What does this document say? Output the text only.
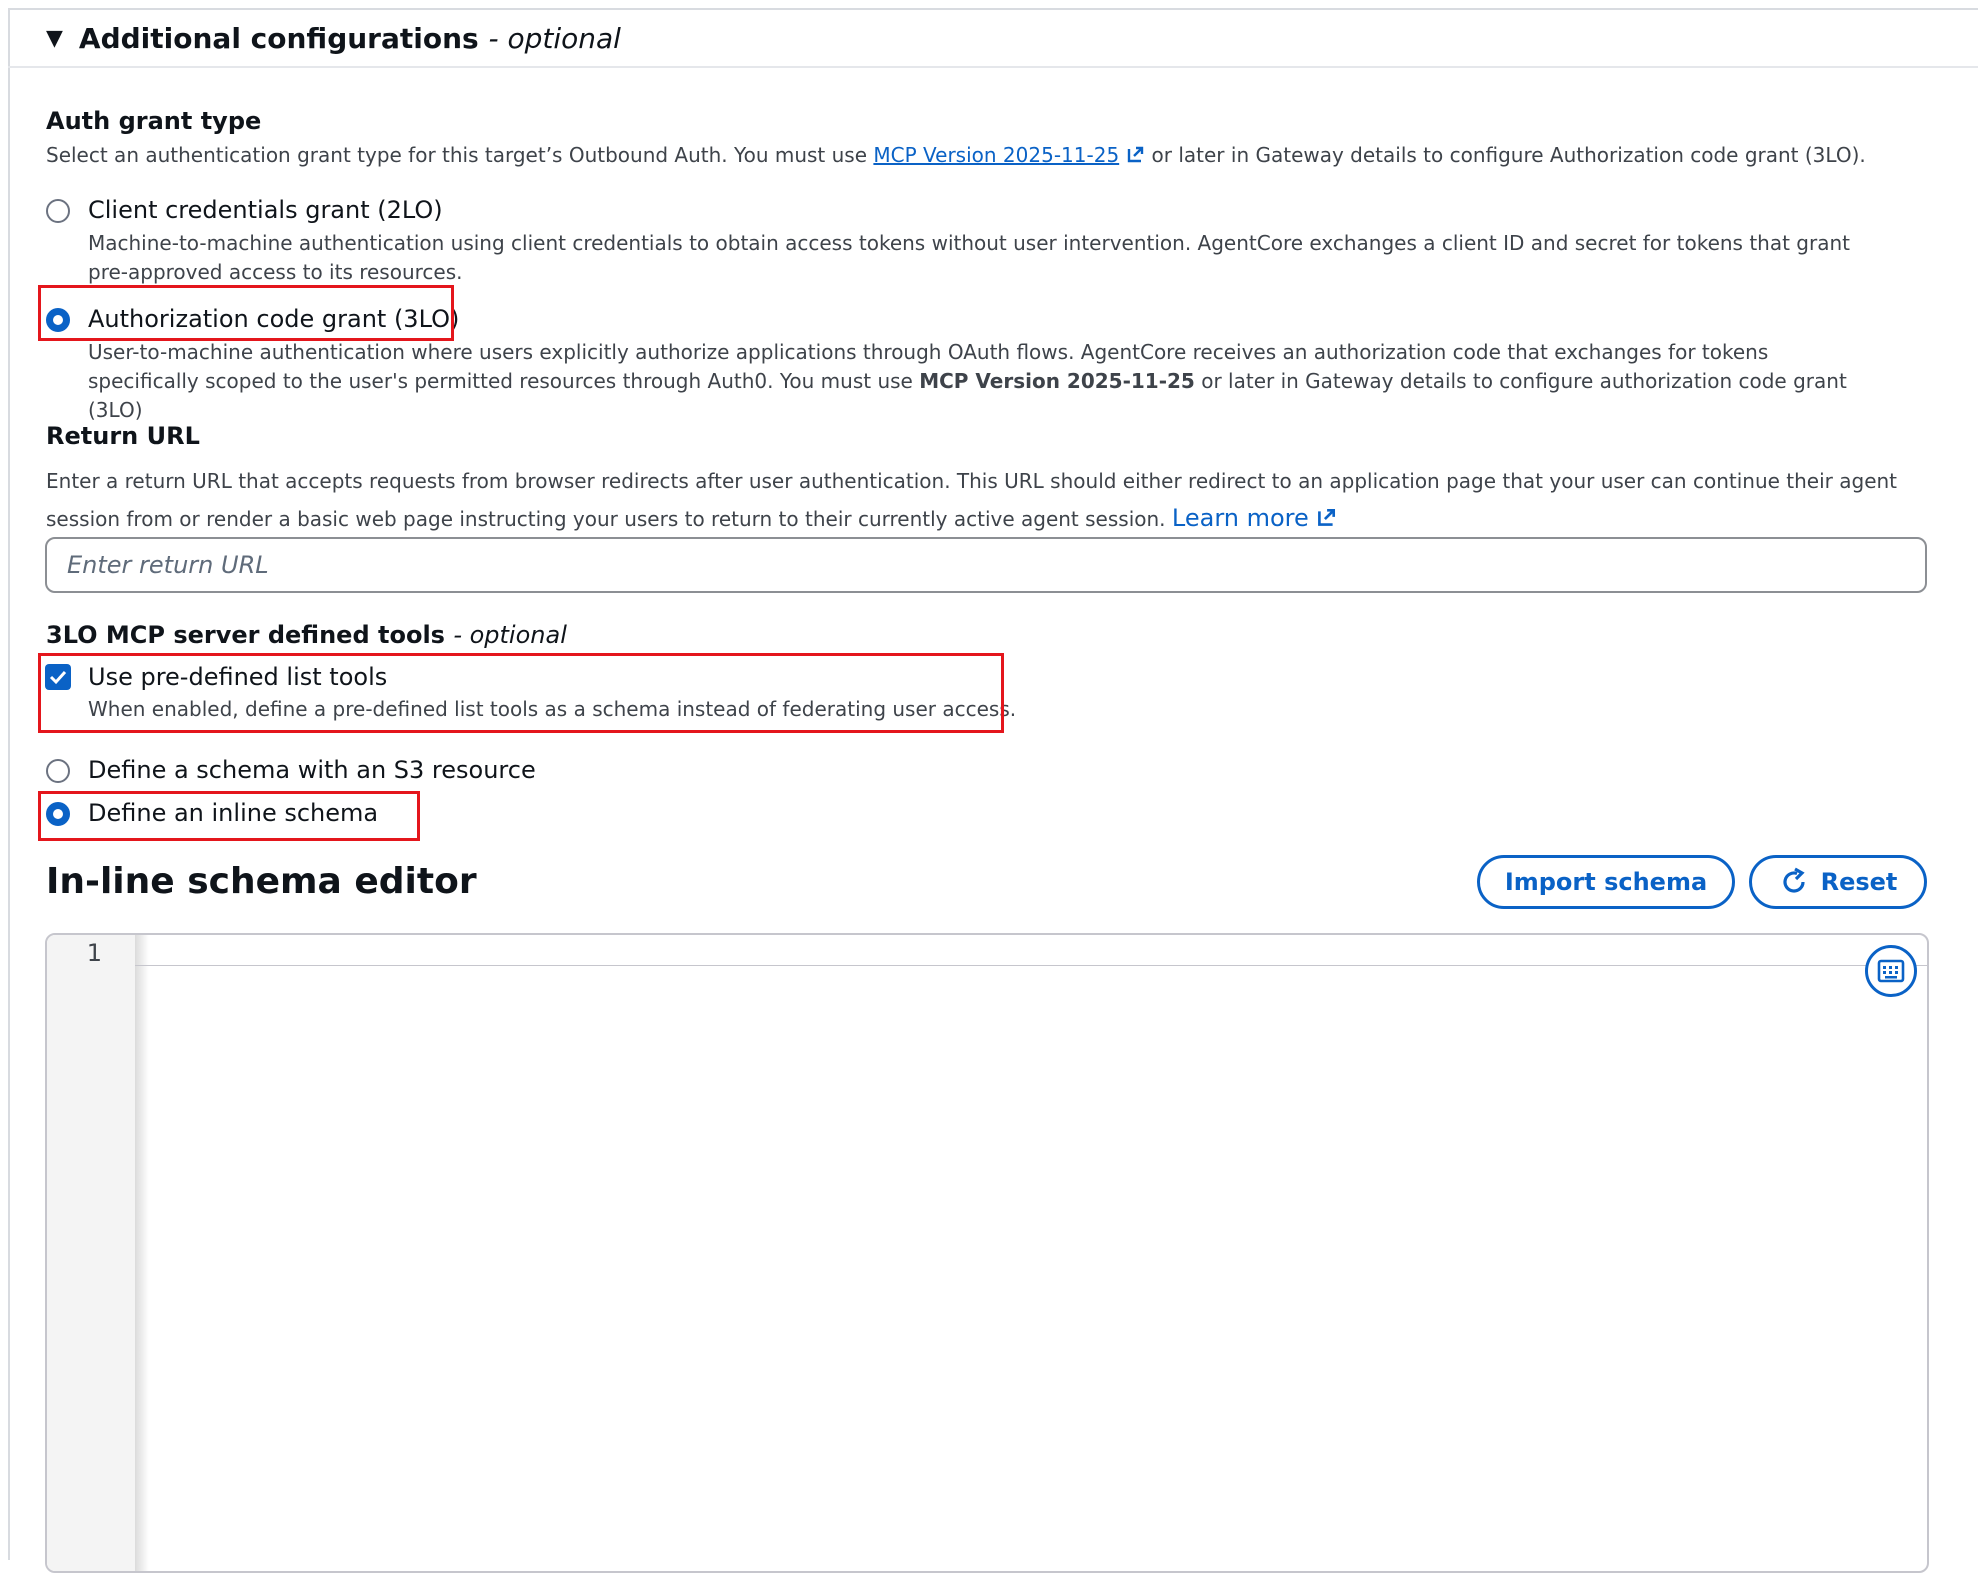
▼ Additional configurations - optional
Auth grant type
Select an authentication grant type for this target’s Outbound Auth. You must use MCP Version 2025-11-25 or later in Gateway details to configure Authorization code grant (3LO).
Client credentials grant (2LO)
Machine-to-machine authentication using client credentials to obtain access tokens without user intervention. AgentCore exchanges a client ID and secret for tokens that grant pre-approved access to its resources.
Authorization code grant (3LO)
User-to-machine authentication where users explicitly authorize applications through OAuth flows. AgentCore receives an authorization code that exchanges for tokens specifically scoped to the user's permitted resources through Auth0. You must use MCP Version 2025-11-25 or later in Gateway details to configure authorization code grant (3LO)
Return URL
Enter a return URL that accepts requests from browser redirects after user authentication. This URL should either redirect to an application page that your user can continue their agent session from or render a basic web page instructing your users to return to their currently active agent session. Learn more
Enter return URL
3LO MCP server defined tools - optional
Use pre-defined list tools
When enabled, define a pre-defined list tools as a schema instead of federating user access.
Define a schema with an S3 resource
Define an inline schema
In-line schema editor	Import schema	Reset
1
